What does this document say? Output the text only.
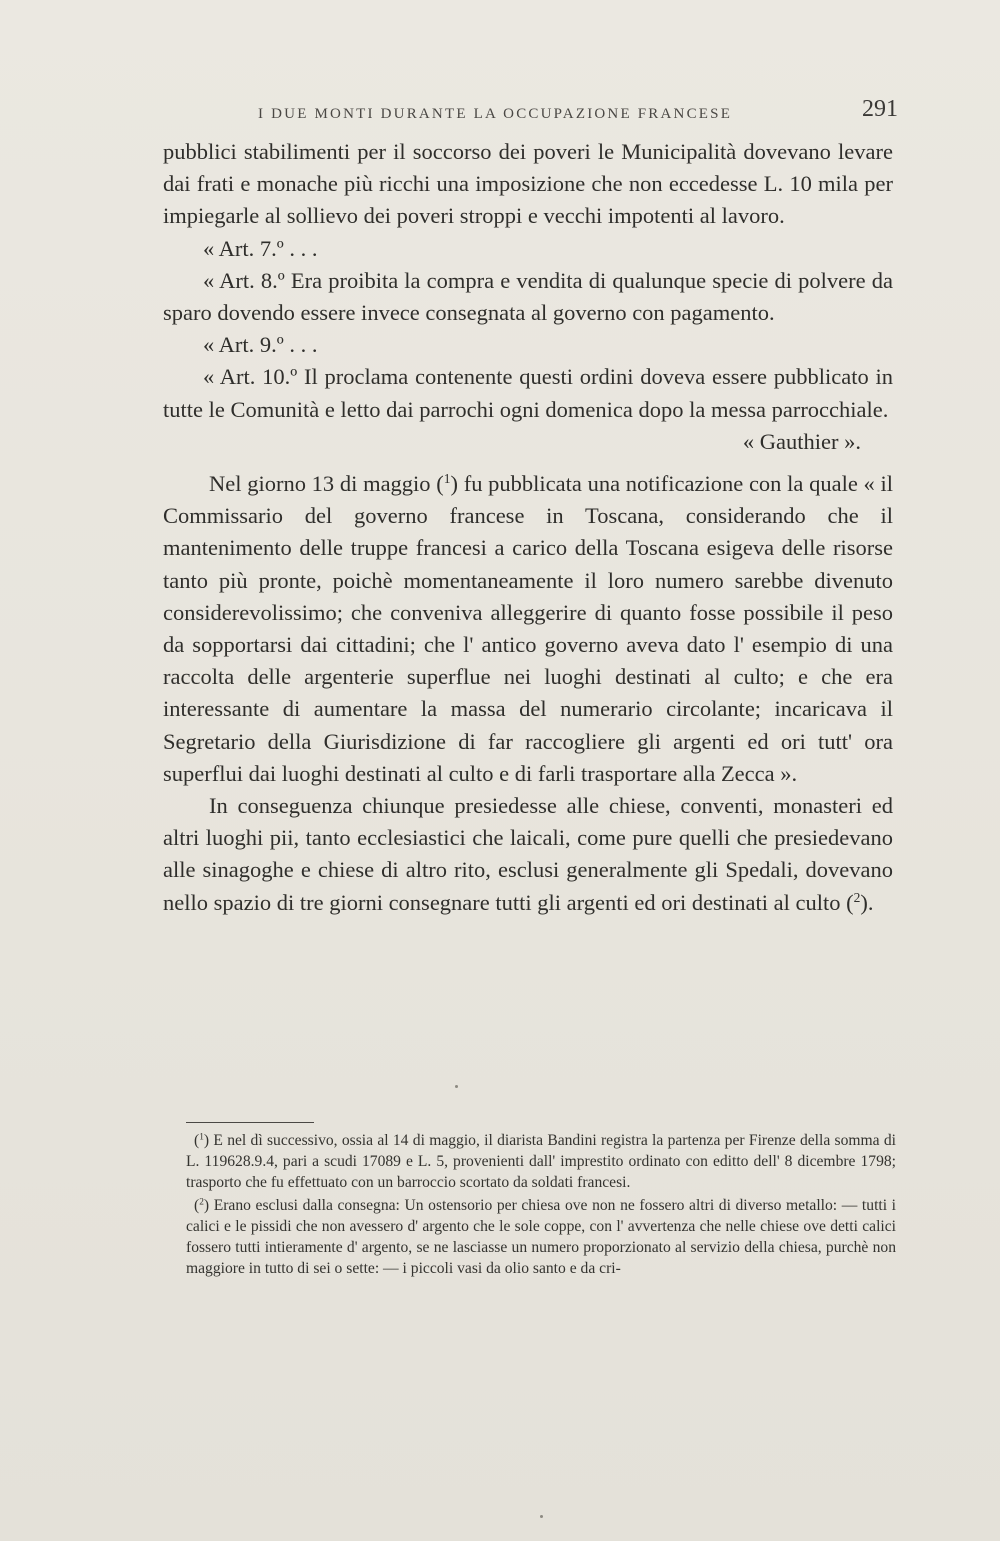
I DUE MONTI DURANTE LA OCCUPAZIONE FRANCESE	291

pubblici stabilimenti per il soccorso dei poveri le Municipalità dovevano levare dai frati e monache più ricchi una imposizione che non eccedesse L. 10 mila per impiegarle al sollievo dei poveri stroppi e vecchi impotenti al lavoro.

« Art. 7.º . . .

« Art. 8.º Era proibita la compra e vendita di qualunque specie di polvere da sparo dovendo essere invece consegnata al governo con pagamento.

« Art. 9.º . . .

« Art. 10.º Il proclama contenente questi ordini doveva essere pubblicato in tutte le Comunità e letto dai parrochi ogni domenica dopo la messa parrocchiale.

« Gauthier ».

Nel giorno 13 di maggio ($^1$) fu pubblicata una notificazione con la quale « il Commissario del governo francese in Toscana, considerando che il mantenimento delle truppe francesi a carico della Toscana esigeva delle risorse tanto più pronte, poichè momentaneamente il loro numero sarebbe divenuto considerevolissimo; che conveniva alleggerire di quanto fosse possibile il peso da sopportarsi dai cittadini; che l' antico governo aveva dato l' esempio di una raccolta delle argenterie superflue nei luoghi destinati al culto; e che era interessante di aumentare la massa del numerario circolante; incaricava il Segretario della Giurisdizione di far raccogliere gli argenti ed ori tutt' ora superflui dai luoghi destinati al culto e di farli trasportare alla Zecca ».

In conseguenza chiunque presiedesse alle chiese, conventi, monasteri ed altri luoghi pii, tanto ecclesiastici che laicali, come pure quelli che presiedevano alle sinagoghe e chiese di altro rito, esclusi generalmente gli Spedali, dovevano nello spazio di tre giorni consegnare tutti gli argenti ed ori destinati al culto ($^2$).

($^1$) E nel dì successivo, ossia al 14 di maggio, il diarista Bandini registra la partenza per Firenze della somma di L. 119628.9.4, pari a scudi 17089 e L. 5, provenienti dall' imprestito ordinato con editto dell' 8 dicembre 1798; trasporto che fu effettuato con un barroccio scortato da soldati francesi.

($^2$) Erano esclusi dalla consegna: Un ostensorio per chiesa ove non ne fossero altri di diverso metallo: — tutti i calici e le pissidi che non avessero d' argento che le sole coppe, con l' avvertenza che nelle chiese ove detti calici fossero tutti intieramente d' argento, se ne lasciasse un numero proporzionato al servizio della chiesa, purchè non maggiore in tutto di sei o sette: — i piccoli vasi da olio santo e da cri-
